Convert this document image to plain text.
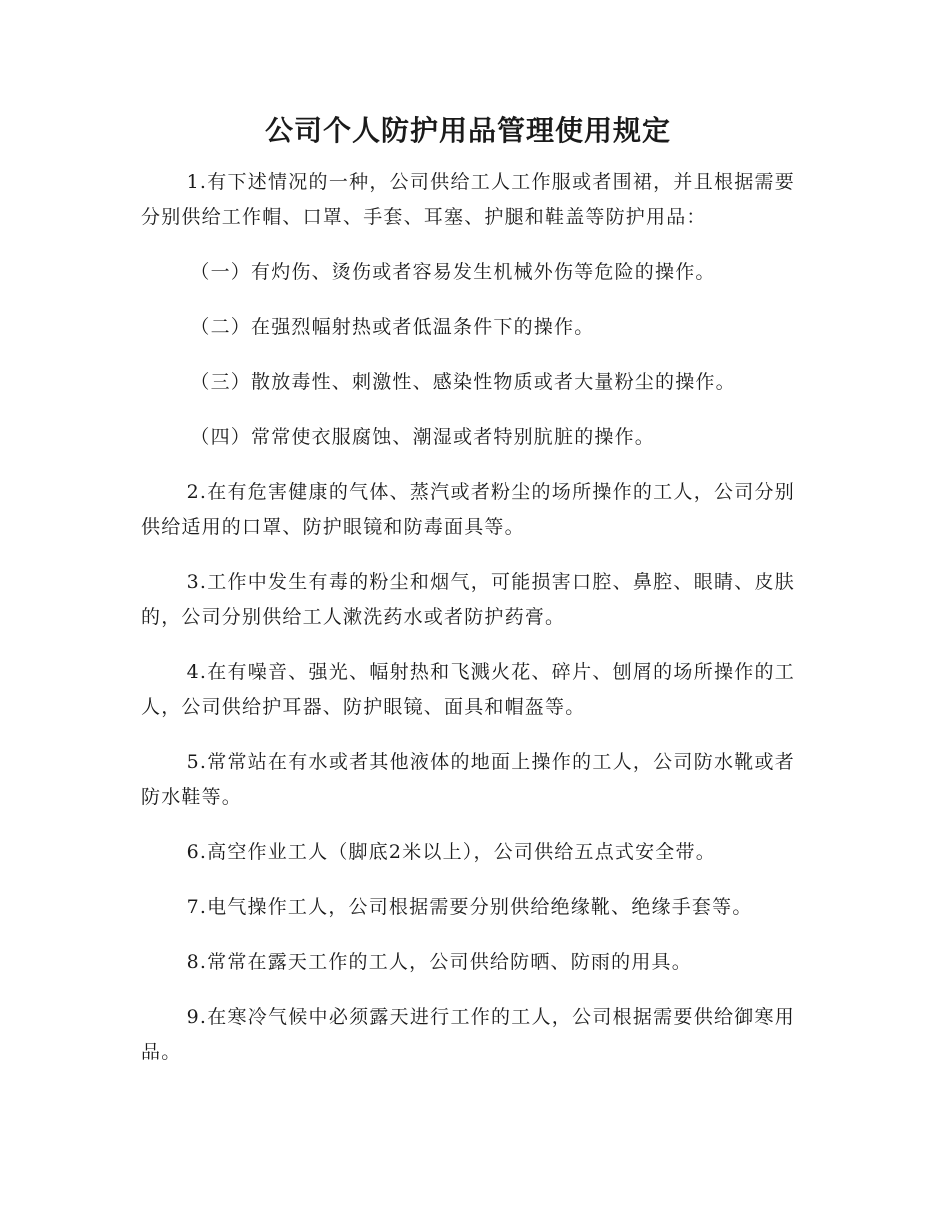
公司个人防护用品管理使用规定

1.有下述情况的一种，公司供给工人工作服或者围裙，并且根据需要分别供给工作帽、口罩、手套、耳塞、护腿和鞋盖等防护用品：

（一）有灼伤、烫伤或者容易发生机械外伤等危险的操作。

（二）在强烈幅射热或者低温条件下的操作。

（三）散放毒性、刺激性、感染性物质或者大量粉尘的操作。

（四）常常使衣服腐蚀、潮湿或者特别肮脏的操作。

2.在有危害健康的气体、蒸汽或者粉尘的场所操作的工人，公司分别供给适用的口罩、防护眼镜和防毒面具等。

3.工作中发生有毒的粉尘和烟气，可能损害口腔、鼻腔、眼睛、皮肤的，公司分别供给工人漱洗药水或者防护药膏。

4.在有噪音、强光、幅射热和飞溅火花、碎片、刨屑的场所操作的工人，公司供给护耳器、防护眼镜、面具和帽盔等。

5.常常站在有水或者其他液体的地面上操作的工人，公司防水靴或者防水鞋等。

6.高空作业工人（脚底2米以上），公司供给五点式安全带。

7.电气操作工人，公司根据需要分别供给绝缘靴、绝缘手套等。

8.常常在露天工作的工人，公司供给防晒、防雨的用具。

9.在寒冷气候中必须露天进行工作的工人，公司根据需要供给御寒用品。
